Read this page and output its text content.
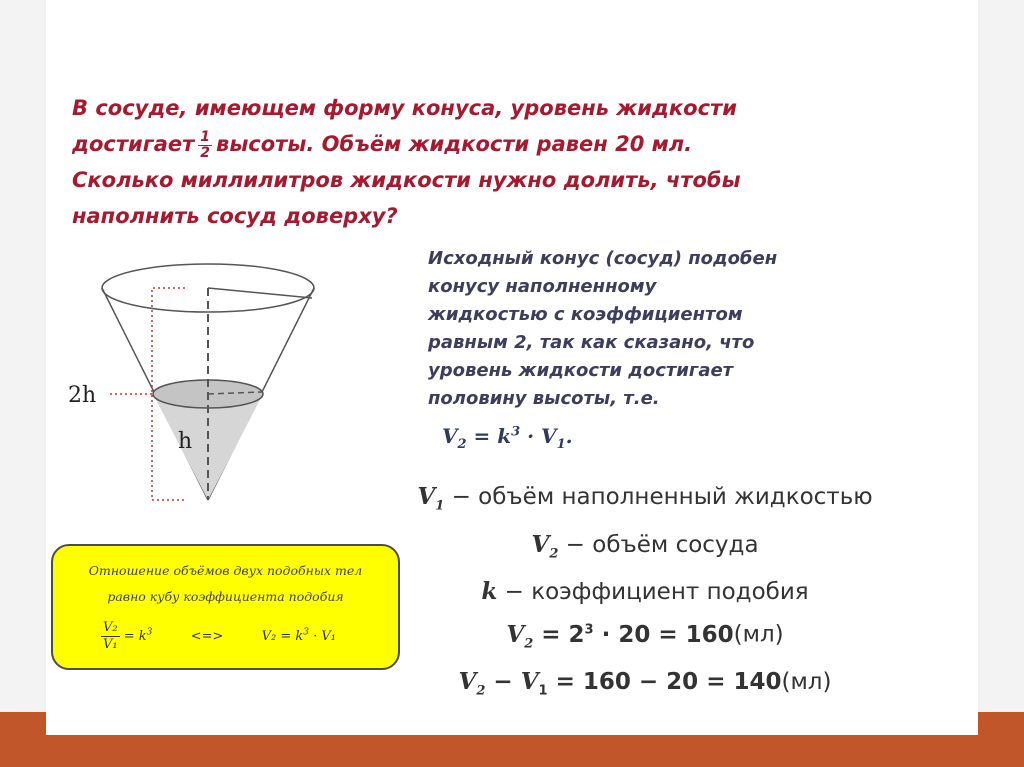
В сосуде, имеющем форму конуса, уровень жидкости
достигает $\frac{1}{2}$ высоты. Объём жидкости равен 20 мл.
Сколько миллилитров жидкости нужно долить, чтобы
наполнить сосуд доверху?
2h
h
Исходный конус (сосуд) подобен
конусу наполненному
жидкостью с коэффициентом
равным 2, так как сказано, что
уровень жидкости достигает
половину высоты, т.е.
$V_2 = k^3 \cdot V_1$.
$V_1$ − объём наполненный жидкостью
$V_2$ − объём сосуда
k − коэффициент подобия
$V_2 = 2^3 \cdot 20 = 160(мл)$
$V_2 - V_1 = 160 - 20 = 140(мл)$
Отношение объёмов двух подобных тел
равно кубу коэффициента подобия
$\frac{\text{V₂}}{\text{V₁}} = k^3$	<=>	$V_2 = k^3 \cdot V_1$
